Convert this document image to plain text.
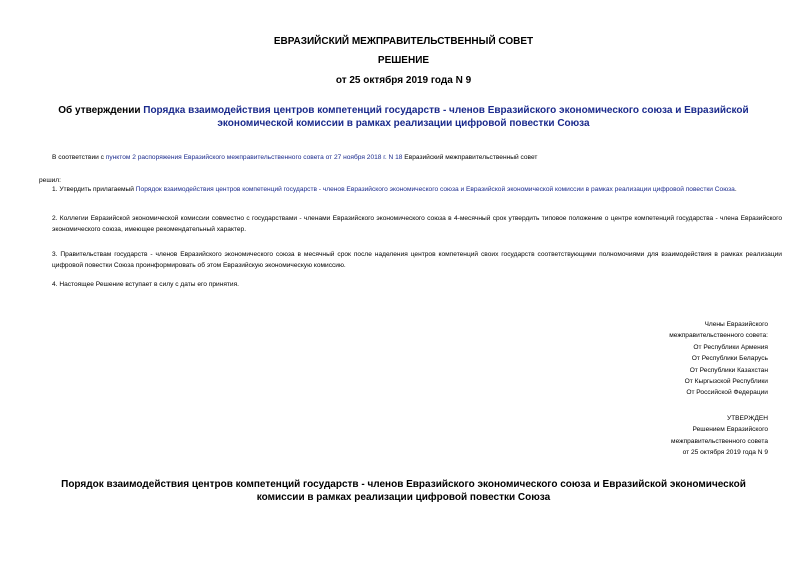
ЕВРАЗИЙСКИЙ МЕЖПРАВИТЕЛЬСТВЕННЫЙ СОВЕТ
РЕШЕНИЕ
от 25 октября 2019 года N 9
Об утверждении Порядка взаимодействия центров компетенций государств - членов Евразийского экономического союза и Евразийской экономической комиссии в рамках реализации цифровой повестки Союза
В соответствии с пунктом 2 распоряжения Евразийского межправительственного совета от 27 ноября 2018 г. N 18 Евразийский межправительственный совет
решил:
1. Утвердить прилагаемый Порядок взаимодействия центров компетенций государств - членов Евразийского экономического союза и Евразийской экономической комиссии в рамках реализации цифровой повестки Союза.
2. Коллегии Евразийской экономической комиссии совместно с государствами - членами Евразийского экономического союза в 4-месячный срок утвердить типовое положение о центре компетенций государства - члена Евразийского экономического союза, имеющее рекомендательный характер.
3. Правительствам государств - членов Евразийского экономического союза в месячный срок после наделения центров компетенций своих государств соответствующими полномочиями для взаимодействия в рамках реализации цифровой повестки Союза проинформировать об этом Евразийскую экономическую комиссию.
4. Настоящее Решение вступает в силу с даты его принятия.
Члены Евразийского
межправительственного совета:
От Республики Армения
От Республики Беларусь
От Республики Казахстан
От Кыргызской Республики
От Российской Федерации
УТВЕРЖДЕН
Решением Евразийского
межправительственного совета
от 25 октября 2019 года N 9
Порядок взаимодействия центров компетенций государств - членов Евразийского экономического союза и Евразийской экономической комиссии в рамках реализации цифровой повестки Союза
